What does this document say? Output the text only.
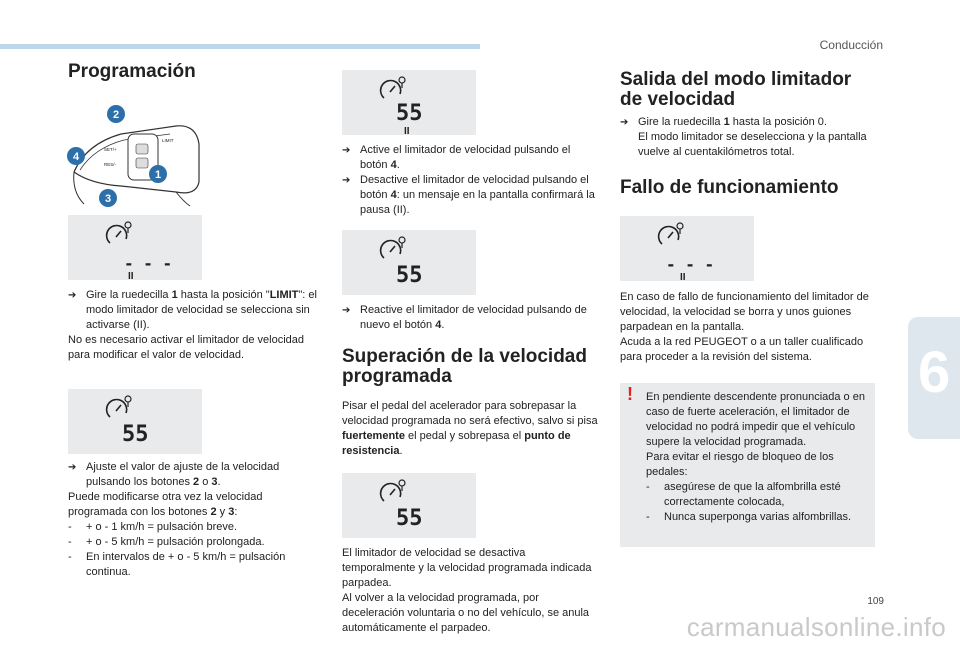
Conducción
6
109
carmanualsonline.info
Programación
SET/+
RES/-
LIMIT
2
4
1
3
- - -
II

➔ Gire la ruedecilla 1 hasta la posición "LIMIT": el modo limitador de velocidad se selecciona sin activarse (II).

No es necesario activar el limitador de velocidad para modificar el valor de velocidad.

55

➔ Ajuste el valor de ajuste de la velocidad pulsando los botones 2 o 3.

Puede modificarse otra vez la velocidad programada con los botones 2 y 3:

- + o - 1 km/h = pulsación breve.

- + o - 5 km/h = pulsación prolongada.

- En intervalos de + o - 5 km/h = pulsación continua.

55
II

➔ Active el limitador de velocidad pulsando el botón 4.

➔ Desactive el limitador de velocidad pulsando el botón 4: un mensaje en la pantalla confirmará la pausa (II).

55

➔ Reactive el limitador de velocidad pulsando de nuevo el botón 4.

Superación de la velocidad programada

Pisar el pedal del acelerador para sobrepasar la velocidad programada no será efectivo, salvo si pisa fuertemente el pedal y sobrepasa el punto de resistencia.

55

El limitador de velocidad se desactiva temporalmente y la velocidad programada indicada parpadea.

Al volver a la velocidad programada, por deceleración voluntaria o no del vehículo, se anula automáticamente el parpadeo.

Salida del modo limitador de velocidad

➔ Gire la ruedecilla 1 hasta la posición 0.

El modo limitador se deselecciona y la pantalla vuelve al cuentakilómetros total.

Fallo de funcionamiento
- - -
II

En caso de fallo de funcionamiento del limitador de velocidad, la velocidad se borra y unos guiones parpadean en la pantalla.

Acuda a la red PEUGEOT o a un taller cualificado para proceder a la revisión del sistema.

! En pendiente descendente pronunciada o en caso de fuerte aceleración, el limitador de velocidad no podrá impedir que el vehículo supere la velocidad programada.

Para evitar el riesgo de bloqueo de los pedales:

- asegúrese de que la alfombrilla esté correctamente colocada,

- Nunca superponga varias alfombrillas.
